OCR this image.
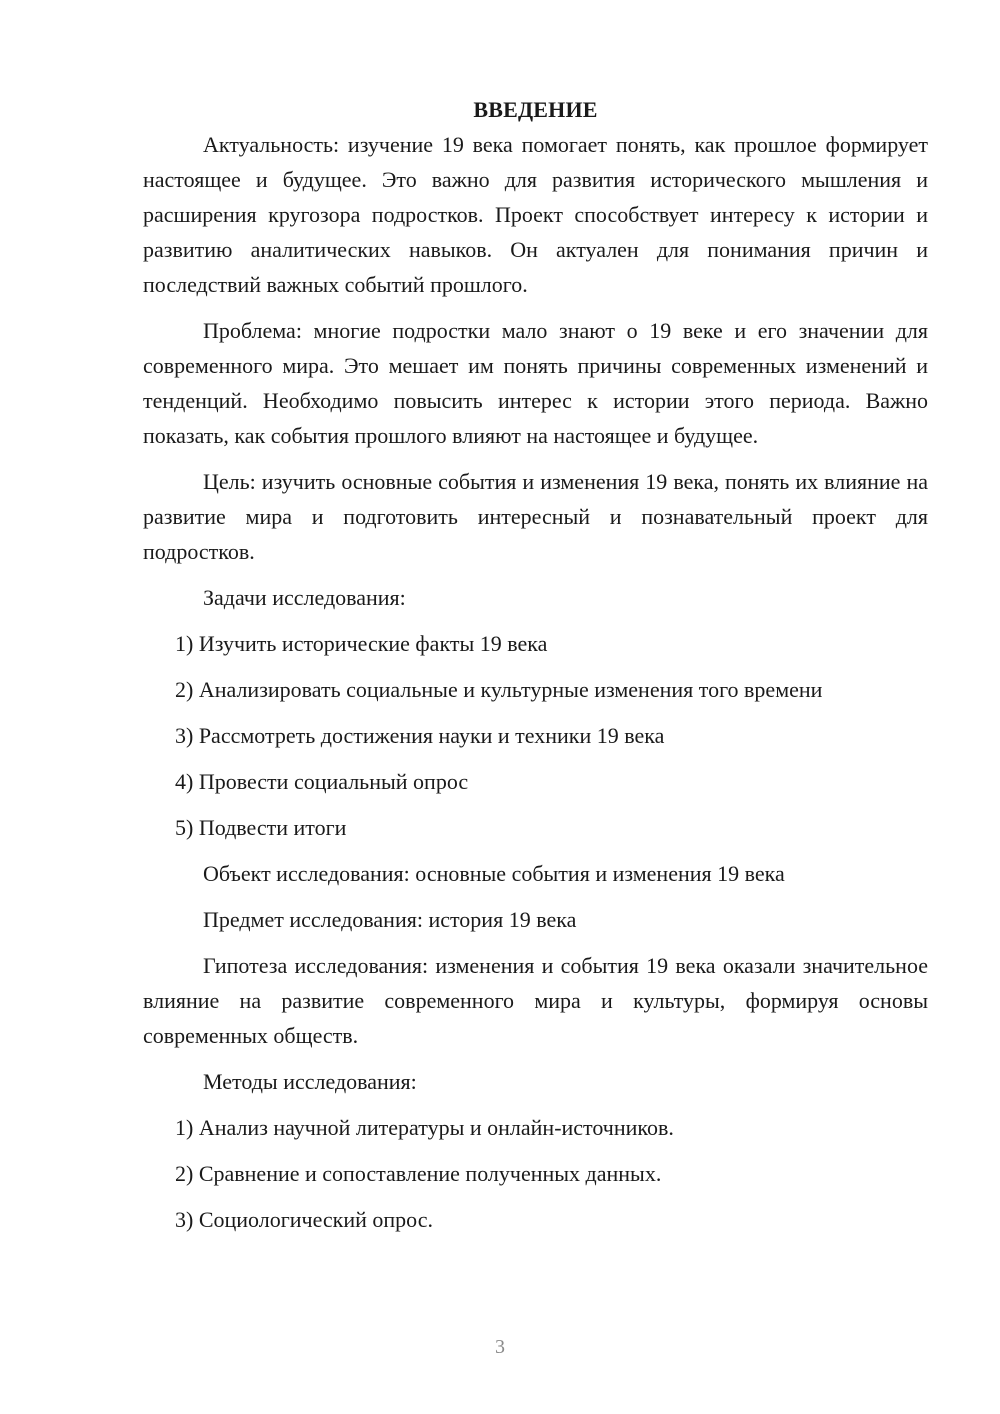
ВВЕДЕНИЕ

Актуальность: изучение 19 века помогает понять, как прошлое формирует настоящее и будущее. Это важно для развития исторического мышления и расширения кругозора подростков. Проект способствует интересу к истории и развитию аналитических навыков. Он актуален для понимания причин и последствий важных событий прошлого.

Проблема: многие подростки мало знают о 19 веке и его значении для современного мира. Это мешает им понять причины современных изменений и тенденций. Необходимо повысить интерес к истории этого периода. Важно показать, как события прошлого влияют на настоящее и будущее.

Цель: изучить основные события и изменения 19 века, понять их влияние на развитие мира и подготовить интересный и познавательный проект для подростков.

Задачи исследования:

1) Изучить исторические факты 19 века

2) Анализировать социальные и культурные изменения того времени

3) Рассмотреть достижения науки и техники 19 века

4) Провести социальный опрос

5) Подвести итоги

Объект исследования: основные события и изменения 19 века

Предмет исследования: история 19 века

Гипотеза исследования: изменения и события 19 века оказали значительное влияние на развитие современного мира и культуры, формируя основы современных обществ.

Методы исследования:

1) Анализ научной литературы и онлайн-источников.

2) Сравнение и сопоставление полученных данных.

3) Социологический опрос.

3
